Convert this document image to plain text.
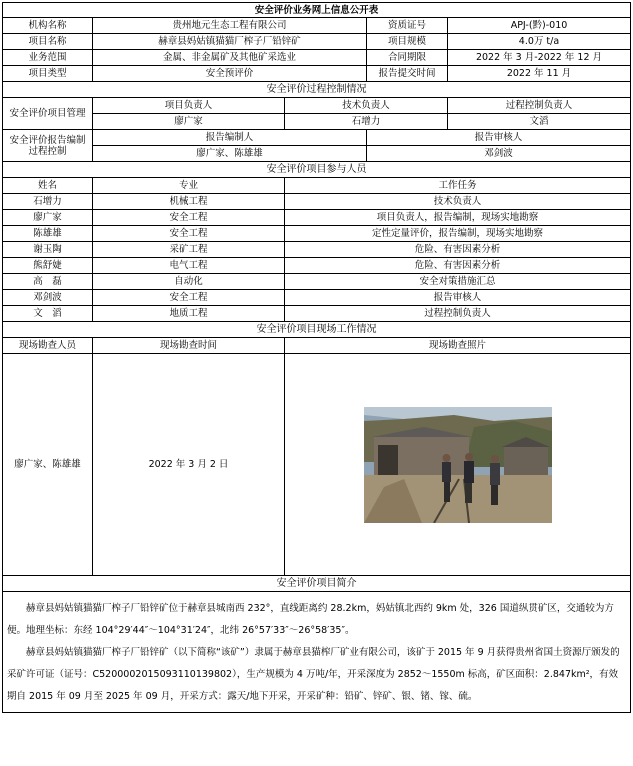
安全评价业务网上信息公开表				
机构名称	贵州地元生态工程有限公司		资质证号	APJ-(黔)-010
项目名称	赫章县妈姑镇猫猫厂榨子厂铅锌矿		项目规模	4.0万 t/a
业务范围	金属、非金属矿及其他矿采选业		合同期限	2022 年 3 月-2022 年 12 月
项目类型	安全预评价		报告提交时间	2022 年 11 月
安全评价过程控制情况				
安全评价项目管理	项目负责人	技术负责人		过程控制负责人
	廖广家	石增力		文滔
安全评价报告编制过程控制	报告编制人		报告审核人	
	廖广家、陈雄雄		邓剑波	
安全评价项目参与人员				
姓名	专业	工作任务		
石增力	机械工程	技术负责人		
廖广家	安全工程	项目负责人，报告编制，现场实地勘察		
陈雄雄	安全工程	定性定量评价，报告编制，现场实地勘察		
谢玉陶	采矿工程	危险、有害因素分析		
熊舒婕	电气工程	危险、有害因素分析		
高　磊	自动化	安全对策措施汇总		
邓剑波	安全工程	报告审核人		
文　滔	地质工程	过程控制负责人		
安全评价项目现场工作情况				
现场勘查人员	现场勘查时间	现场勘查照片		
廖广家、陈雄雄	2022 年 3 月 2 日	
安全评价项目简介				

赫章县妈姑镇猫猫厂榨子厂铅锌矿位于赫章县城南西 232°，直线距离约 28.2km，妈姑镇北西约 9km 处，326 国道纵贯矿区，交通较为方便。地理坐标：东经 104°29′44″～104°31′24″，北纬 26°57′33″～26°58′35″。

赫章县妈姑镇猫猫厂榨子厂铅锌矿（以下简称“该矿”）隶属于赫章县猫榨厂矿业有限公司，该矿于 2015 年 9 月获得贵州省国土资源厅颁发的采矿许可证（证号：C5200002015093110139802），生产规模为 4 万吨/年，开采深度为 2852～1550m 标高，矿区面积：2.847km²，有效期自 2015 年 09 月至 2025 年 09 月，开采方式：露天/地下开采，开采矿种：铅矿、锌矿、银、锗、镓、硫。				
